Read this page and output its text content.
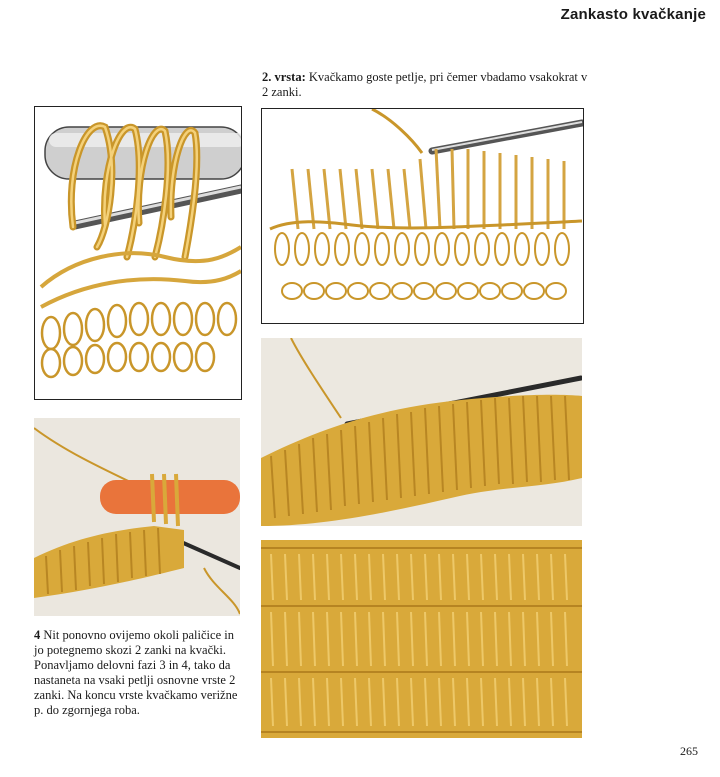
Zankasto kvačkanje
2. vrsta: Kvačkamo goste petlje, pri čemer vbadamo vsakokrat v 2 zanki.
4 Nit ponovno ovijemo okoli paličice in jo potegnemo skozi 2 zanki na kvački. Ponavljamo delovni fazi 3 in 4, tako da nastaneta na vsaki petlji osnovne vrste 2 zanki. Na koncu vrste kvačkamo verižne p. do zgornjega roba.
265
